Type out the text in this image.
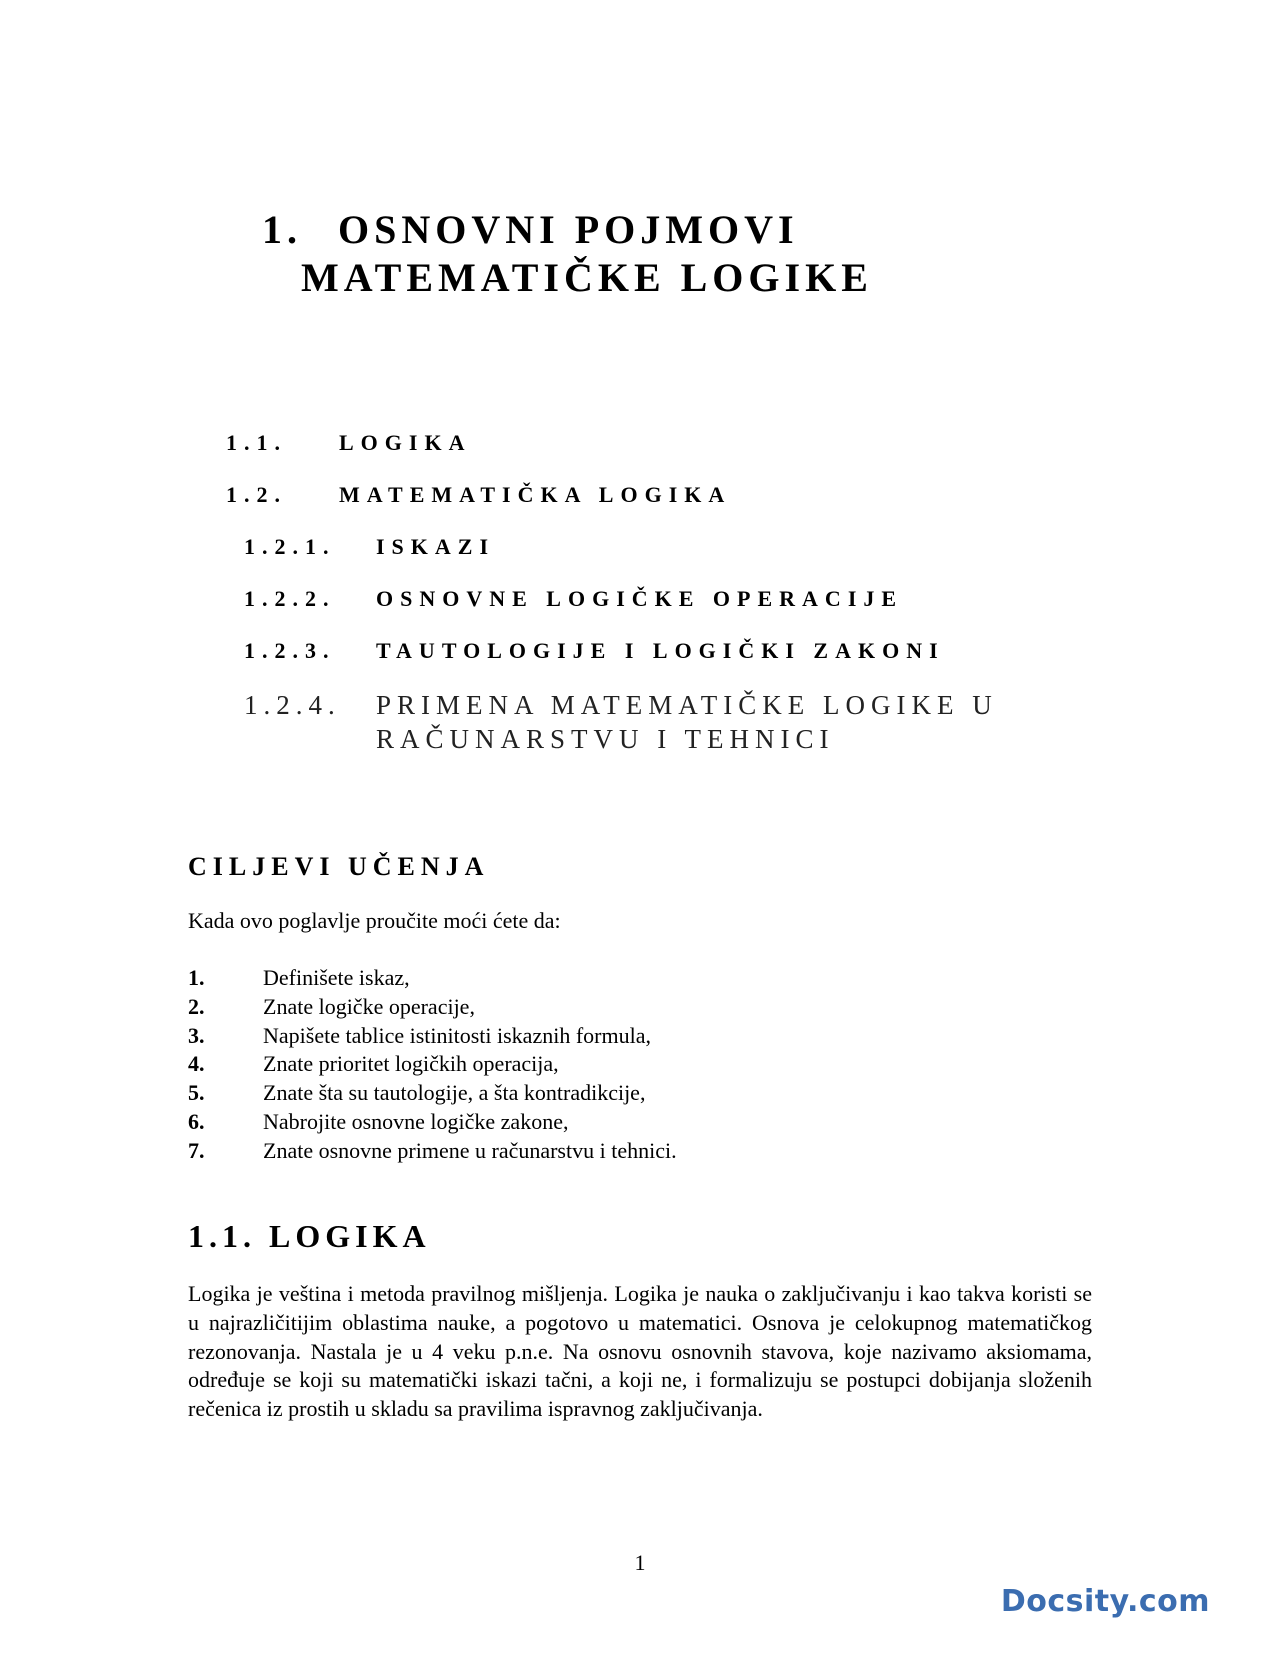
1. OSNOVNI POJMOVI
MATEMATIČKE LOGIKE
1.1. LOGIKA
1.2. MATEMATIČKA LOGIKA
1.2.1. ISKAZI
1.2.2. OSNOVNE LOGIČKE OPERACIJE
1.2.3. TAUTOLOGIJE I LOGIČKI ZAKONI
1.2.4. PRIMENA MATEMATIČKE LOGIKE U RAČUNARSTVU I TEHNICI
CILJEVI UČENJA
Kada ovo poglavlje proučite moći ćete da:
1.	Definišete iskaz,
2.	Znate logičke operacije,
3.	Napišete tablice istinitosti iskaznih formula,
4.	Znate prioritet logičkih operacija,
5.	Znate šta su tautologije, a šta kontradikcije,
6.	Nabrojite osnovne logičke zakone,
7.	Znate osnovne primene u računarstvu i tehnici.
1.1. LOGIKA
Logika je veština i metoda pravilnog mišljenja. Logika je nauka o zaključivanju i kao takva koristi se u najrazličitijim oblastima nauke, a pogotovo u matematici. Osnova je celokupnog matematičkog rezonovanja. Nastala je u 4 veku p.n.e. Na osnovu osnovnih stavova, koje nazivamo aksiomama, određuje se koji su matematički iskazi tačni, a koji ne, i formalizuju se postupci dobijanja složenih rečenica iz prostih u skladu sa pravilima ispravnog zaključivanja.
1
Docsity.com
